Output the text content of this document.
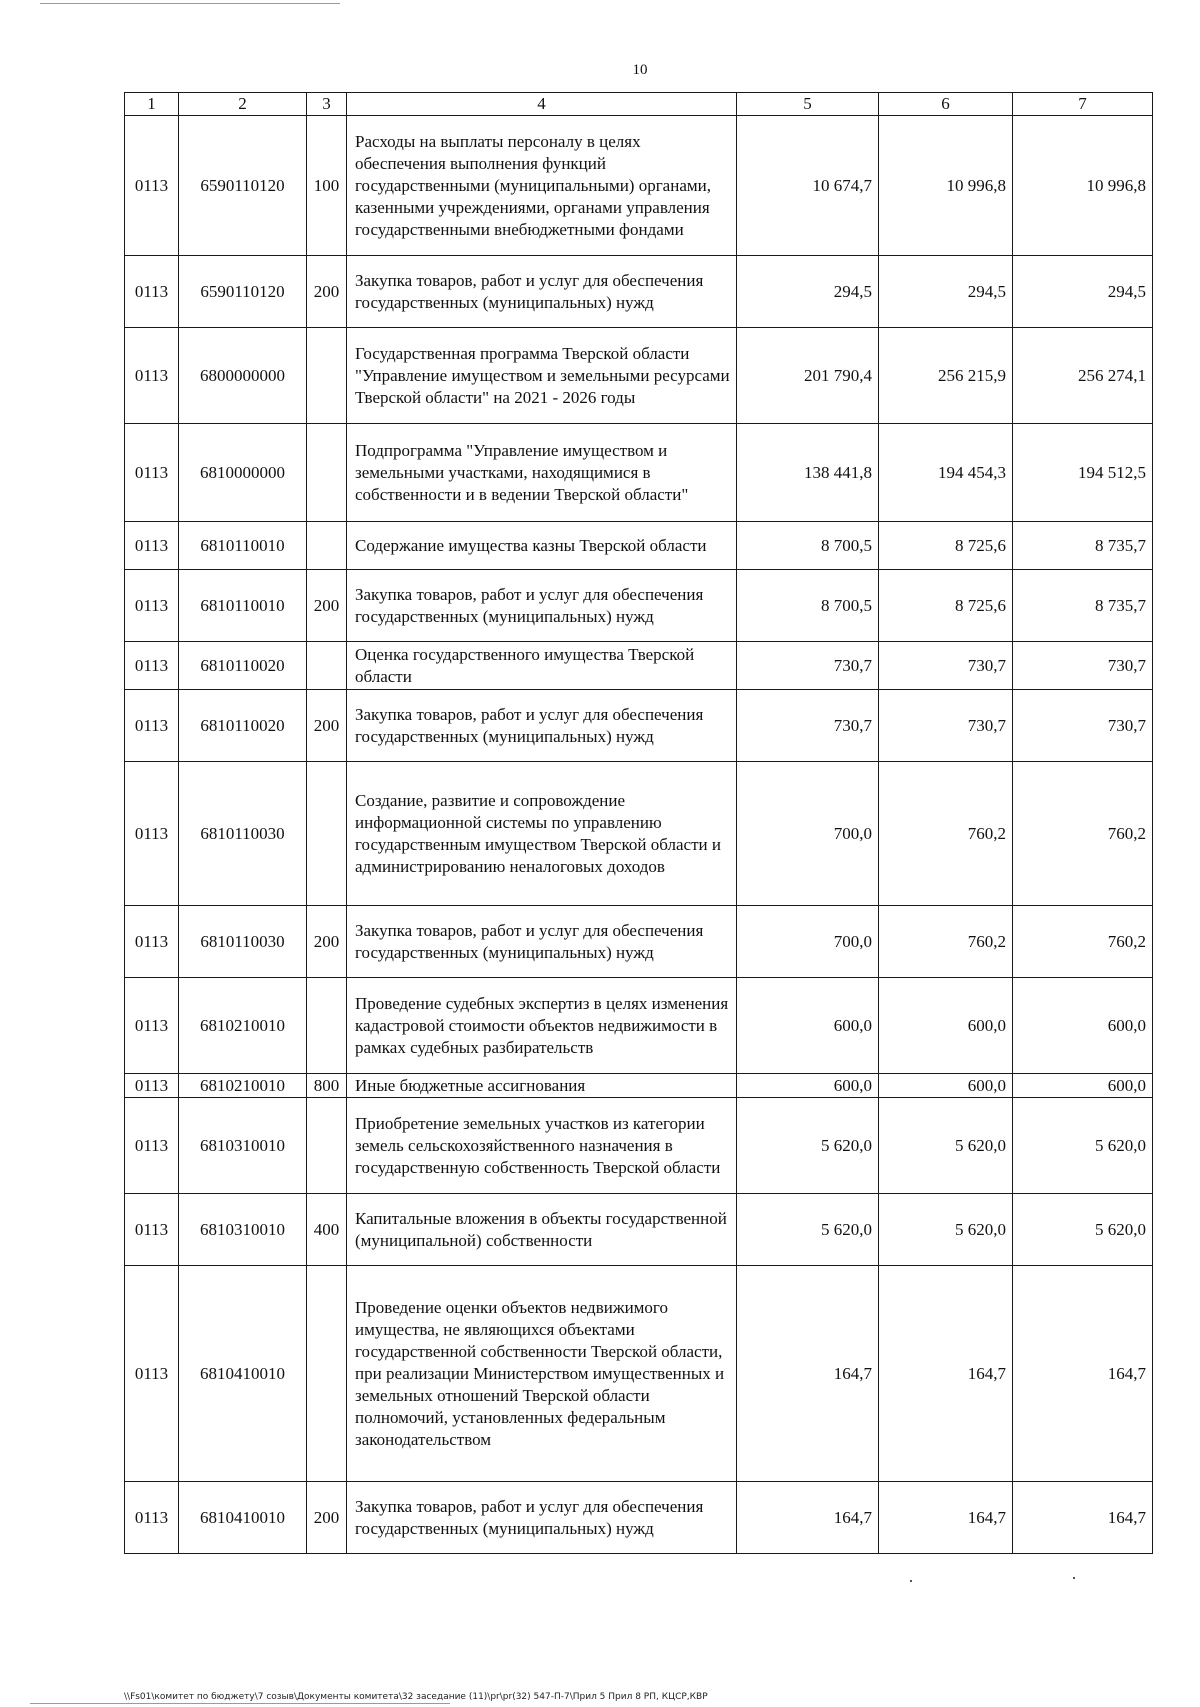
10
1	2	3	4	5	6	7
0113	6590110120	100	Расходы на выплаты персоналу в целях обеспечения выполнения функций государственными (муниципальными) органами, казенными учреждениями, органами управления государственными внебюджетными фондами	10 674,7	10 996,8	10 996,8
0113	6590110120	200	Закупка товаров, работ и услуг для обеспечения государственных (муниципальных) нужд	294,5	294,5	294,5
0113	6800000000		Государственная программа Тверской области "Управление имуществом и земельными ресурсами Тверской области" на 2021 - 2026 годы	201 790,4	256 215,9	256 274,1
0113	6810000000		Подпрограмма "Управление имуществом и земельными участками, находящимися в собственности и в ведении Тверской области"	138 441,8	194 454,3	194 512,5
0113	6810110010		Содержание имущества казны Тверской области	8 700,5	8 725,6	8 735,7
0113	6810110010	200	Закупка товаров, работ и услуг для обеспечения государственных (муниципальных) нужд	8 700,5	8 725,6	8 735,7
0113	6810110020		Оценка государственного имущества Тверской области	730,7	730,7	730,7
0113	6810110020	200	Закупка товаров, работ и услуг для обеспечения государственных (муниципальных) нужд	730,7	730,7	730,7
0113	6810110030		Создание, развитие и сопровождение информационной системы по управлению государственным имуществом Тверской области и администрированию неналоговых доходов	700,0	760,2	760,2
0113	6810110030	200	Закупка товаров, работ и услуг для обеспечения государственных (муниципальных) нужд	700,0	760,2	760,2
0113	6810210010		Проведение судебных экспертиз в целях изменения кадастровой стоимости объектов недвижимости в рамках судебных разбирательств	600,0	600,0	600,0
0113	6810210010	800	Иные бюджетные ассигнования	600,0	600,0	600,0
0113	6810310010		Приобретение земельных участков из категории земель сельскохозяйственного назначения в государственную собственность Тверской области	5 620,0	5 620,0	5 620,0
0113	6810310010	400	Капитальные вложения в объекты государственной (муниципальной) собственности	5 620,0	5 620,0	5 620,0
0113	6810410010		Проведение оценки объектов недвижимого имущества, не являющихся объектами государственной собственности Тверской области, при реализации Министерством имущественных и земельных отношений Тверской области полномочий, установленных федеральным законодательством	164,7	164,7	164,7
0113	6810410010	200	Закупка товаров, работ и услуг для обеспечения государственных (муниципальных) нужд	164,7	164,7	164,7
\\Fs01\комитет по бюджету\7 созыв\Документы комитета\32 заседание (11)\pr\pr(32) 547-П-7\Прил 5 Прил 8 РП, КЦСР,КВР
